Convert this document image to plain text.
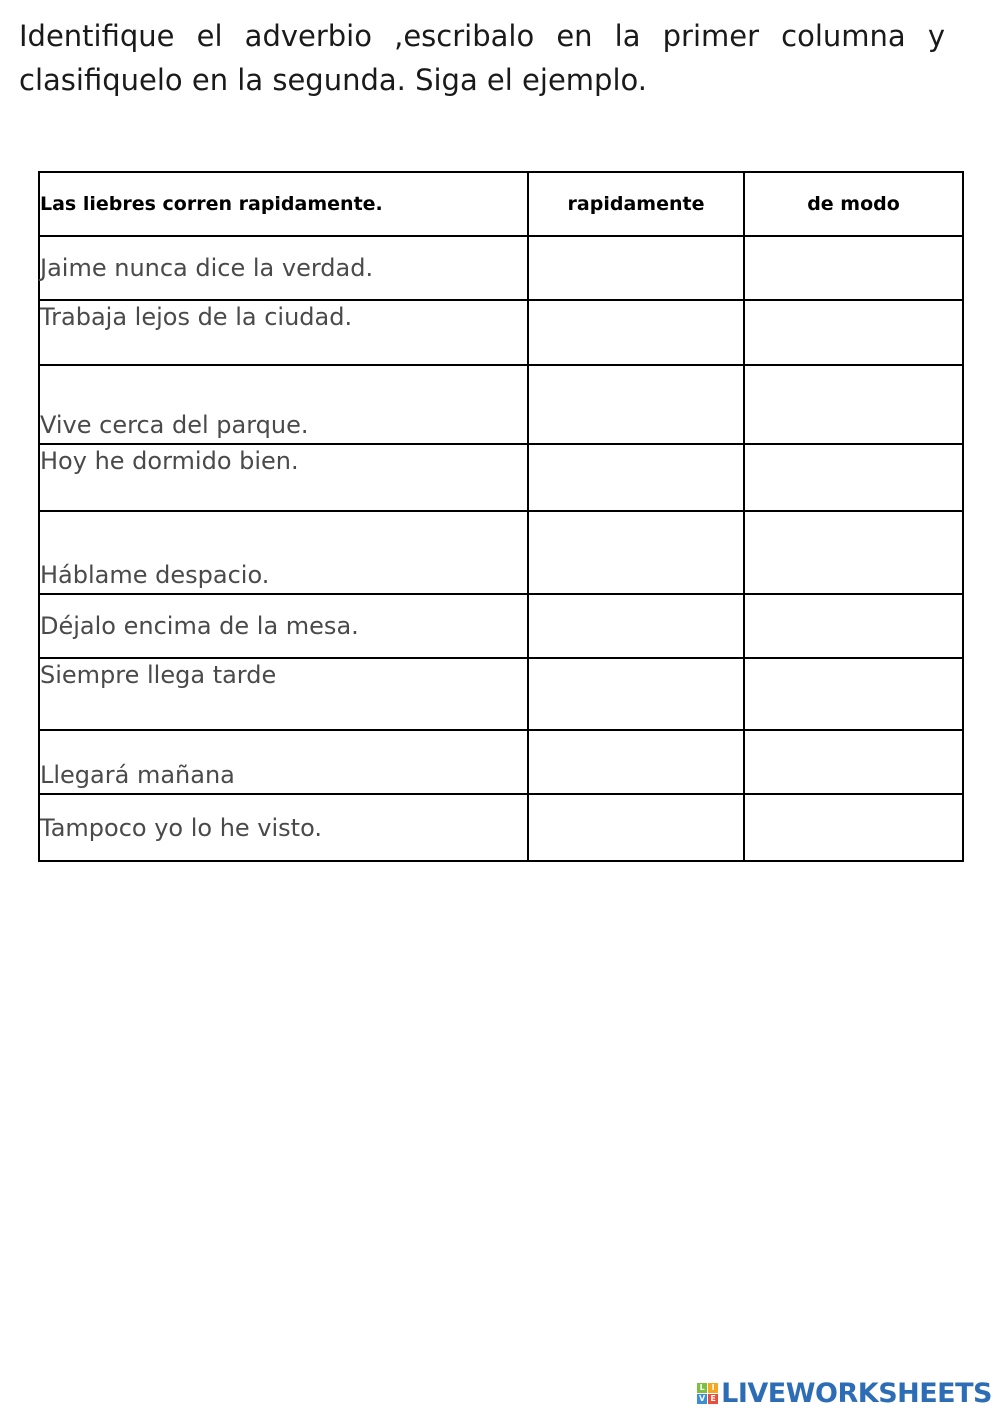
Identifique el adverbio ,escribalo en la primer columna y clasifiquelo en la segunda. Siga el ejemplo.

Las liebres corren rapidamente.	rapidamente	de modo
Jaime nunca dice la verdad.		
Trabaja lejos de la ciudad.		
Vive cerca del parque.		
Hoy he dormido bien.		
Háblame despacio.		
Déjalo encima de la mesa.		
Siempre llega tarde		
Llegará mañana		
Tampoco yo lo he visto.		
L I
V E LIVEWORKSHEETS
